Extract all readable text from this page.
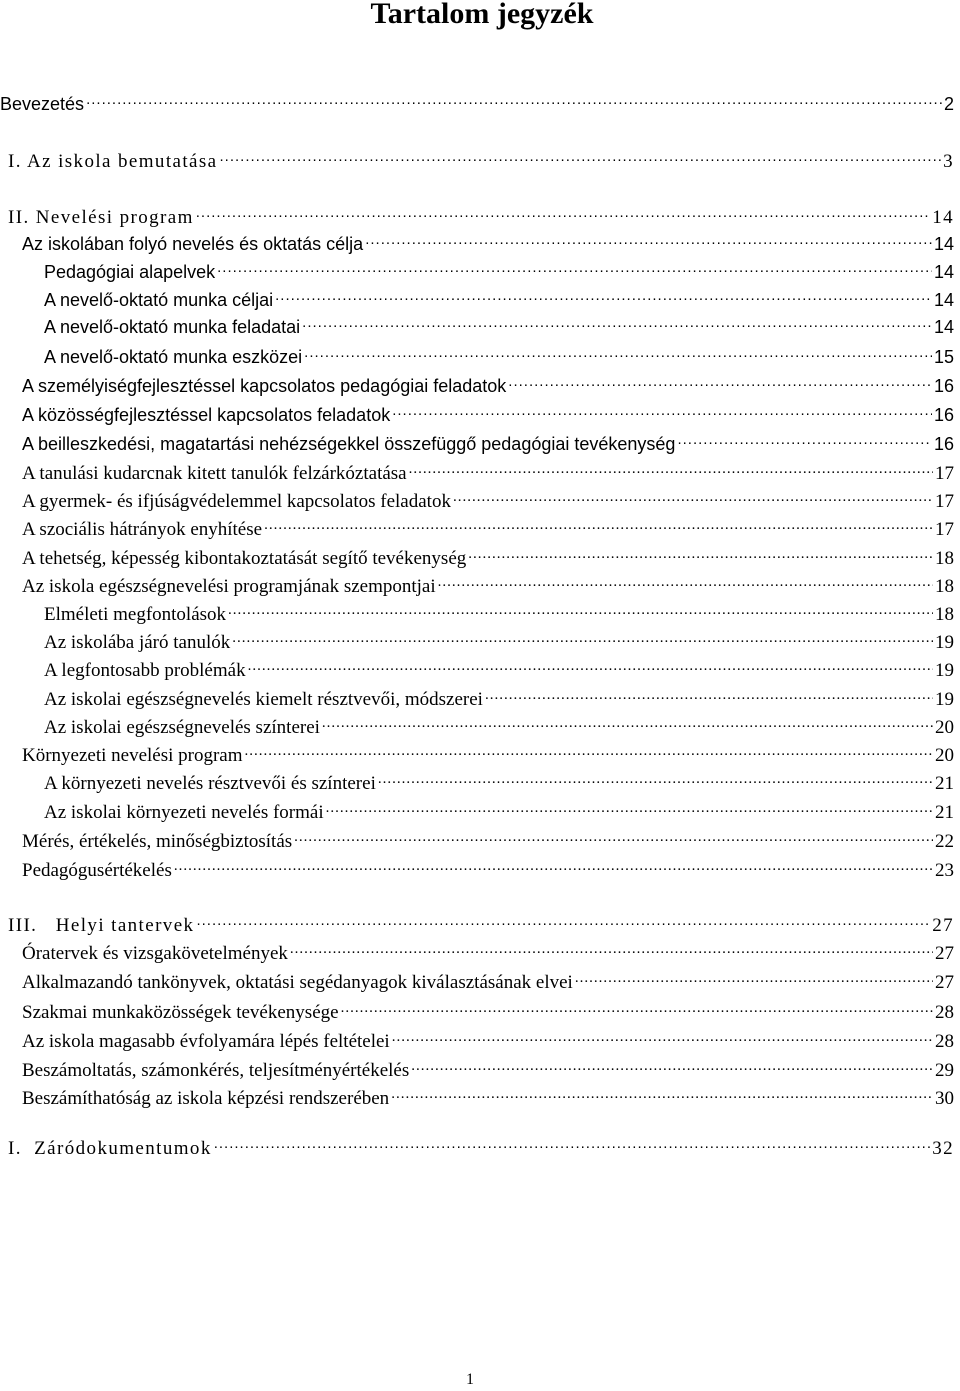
Tartalom jegyzék
Bevezetés .....	2
I. Az iskola bemutatása .....	3
II. Nevelési program .....	14
Az iskolában folyó nevelés és oktatás célja .....	14
Pedagógiai alapelvek .....	14
A nevelő-oktató munka céljai .....	14
A nevelő-oktató munka feladatai .....	14
A nevelő-oktató munka eszközei .....	15
A személyiségfejlesztéssel kapcsolatos pedagógiai feladatok .....	16
A közösségfejlesztéssel kapcsolatos feladatok .....	16
A beilleszkedési, magatartási nehézségekkel összefüggő pedagógiai tevékenység .....	16
A tanulási kudarcnak kitett tanulók felzárkóztatása .....	17
A gyermek- és ifjúságvédelemmel kapcsolatos feladatok .....	17
A szociális hátrányok enyhítése .....	17
A tehetség, képesség kibontakoztatását segítő tevékenység .....	18
Az iskola egészségnevelési programjának szempontjai .....	18
Elméleti megfontolások .....	18
Az iskolába járó tanulók .....	19
A legfontosabb problémák .....	19
Az iskolai egészségnevelés kiemelt résztvevői, módszerei .....	19
Az iskolai egészségnevelés színterei .....	20
Környezeti nevelési program .....	20
A környezeti nevelés résztvevői és színterei .....	21
Az iskolai környezeti nevelés formái .....	21
Mérés, értékelés, minőségbiztosítás .....	22
Pedagógusértékelés .....	23
III.   Helyi tantervek .....	27
Óratervek és vizsgakövetelmények .....	27
Alkalmazandó tankönyvek, oktatási segédanyagok kiválasztásának elvei .....	27
Szakmai munkaközösségek tevékenysége .....	28
Az iskola magasabb évfolyamára lépés feltételei .....	28
Beszámoltatás, számonkérés, teljesítményértékelés .....	29
Beszámíthatóság az iskola képzési rendszerében .....	30
I.  Záródokumentumok .....	32
1
